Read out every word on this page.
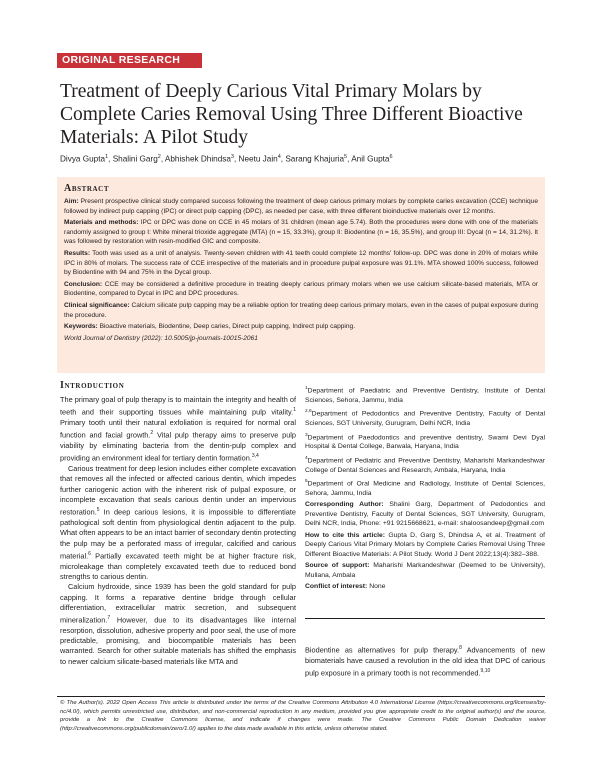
ORIGINAL RESEARCH
Treatment of Deeply Carious Vital Primary Molars by Complete Caries Removal Using Three Different Bioactive Materials: A Pilot Study
Divya Gupta$^1$, Shalini Garg$^2$, Abhishek Dhindsa$^3$, Neetu Jain$^4$, Sarang Khajuria$^5$, Anil Gupta$^6$
Abstract

Aim: Present prospective clinical study compared success following the treatment of deep carious primary molars by complete caries excavation (CCE) technique followed by indirect pulp capping (IPC) or direct pulp capping (DPC), as needed per case, with three different bioinductive materials over 12 months.

Materials and methods: IPC or DPC was done on CCE in 45 molars of 31 children (mean age 5.74). Both the procedures were done with one of the materials randomly assigned to group I: White mineral trioxide aggregate (MTA) (n = 15, 33.3%), group II: Biodentine (n = 16, 35.5%), and group III: Dycal (n = 14, 31.2%). It was followed by restoration with resin-modified GIC and composite.

Results: Tooth was used as a unit of analysis. Twenty-seven children with 41 teeth could complete 12 months' follow-up. DPC was done in 20% of molars while IPC in 80% of molars. The success rate of CCE irrespective of the materials and in procedure pulpal exposure was 91.1%. MTA showed 100% success, followed by Biodentine with 94 and 75% in the Dycal group.

Conclusion: CCE may be considered a definitive procedure in treating deeply carious primary molars when we use calcium silicate-based materials, MTA or Biodentine, compared to Dycal in IPC and DPC procedures.

Clinical significance: Calcium silicate pulp capping may be a reliable option for treating deep carious primary molars, even in the cases of pulpal exposure during the procedure.

Keywords: Bioactive materials, Biodentine, Deep caries, Direct pulp capping, Indirect pulp capping.

World Journal of Dentistry (2022): 10.5005/jp-journals-10015-2061

Introduction

The primary goal of pulp therapy is to maintain the integrity and health of teeth and their supporting tissues while maintaining pulp vitality.$^1$ Primary tooth until their natural exfoliation is required for normal oral function and facial growth.$^2$ Vital pulp therapy aims to preserve pulp viability by eliminating bacteria from the dentin-pulp complex and providing an environment ideal for tertiary dentin formation.$^{3,4}$

Carious treatment for deep lesion includes either complete excavation that removes all the infected or affected carious dentin, which impedes further cariogenic action with the inherent risk of pulpal exposure, or incomplete excavation that seals carious dentin under an impervious restoration.$^5$ In deep carious lesions, it is impossible to differentiate pathological soft dentin from physiological dentin adjacent to the pulp. What often appears to be an intact barrier of secondary dentin protecting the pulp may be a perforated mass of irregular, calcified and carious material.$^6$ Partially excavated teeth might be at higher fracture risk, microleakage than completely excavated teeth due to reduced bond strengths to carious dentin.

Calcium hydroxide, since 1939 has been the gold standard for pulp capping. It forms a reparative dentine bridge through cellular differentiation, extracellular matrix secretion, and subsequent mineralization.$^7$ However, due to its disadvantages like internal resorption, dissolution, adhesive property and poor seal, the use of more predictable, promising, and biocompatible materials has been warranted. Search for other suitable materials has shifted the emphasis to newer calcium silicate-based materials like MTA and

$^1$Department of Paediatric and Preventive Dentistry, Institute of Dental Sciences, Sehora, Jammu, India

$^{2,6}$Department of Pedodontics and Preventive Dentistry, Faculty of Dental Sciences, SGT University, Gurugram, Delhi NCR, India

$^3$Department of Paedodontics and preventive dentistry, Swami Devi Dyal Hospital & Dental College, Barwala, Haryana, India

$^4$Department of Pediatric and Preventive Dentistry, Maharishi Markandeshwar College of Dental Sciences and Research, Ambala, Haryana, India

$^5$Department of Oral Medicine and Radiology, Institute of Dental Sciences, Sehora, Jammu, India

Corresponding Author: Shalini Garg, Department of Pedodontics and Preventive Dentistry, Faculty of Dental Sciences, SGT University, Gurugram, Delhi NCR, India, Phone: +91 9215668621, e-mail: shaloosandeep@gmail.com

How to cite this article: Gupta D, Garg S, Dhindsa A, et al. Treatment of Deeply Carious Vital Primary Molars by Complete Caries Removal Using Three Different Bioactive Materials: A Pilot Study. World J Dent 2022;13(4):382–388.

Source of support: Maharishi Markandeshwar (Deemed to be University), Mullana, Ambala

Conflict of interest: None

Biodentine as alternatives for pulp therapy.$^8$ Advancements of new biomaterials have caused a revolution in the old idea that DPC of carious pulp exposure in a primary tooth is not recommended.$^{9,10}$

© The Author(s). 2022 Open Access This article is distributed under the terms of the Creative Commons Attribution 4.0 International License (https://creativecommons.org/licenses/by-nc/4.0/), which permits unrestricted use, distribution, and non-commercial reproduction in any medium, provided you give appropriate credit to the original author(s) and the source, provide a link to the Creative Commons license, and indicate if changes were made. The Creative Commons Public Domain Dedication waiver (http://creativecommons.org/publicdomain/zero/1.0/) applies to the data made available in this article, unless otherwise stated.
